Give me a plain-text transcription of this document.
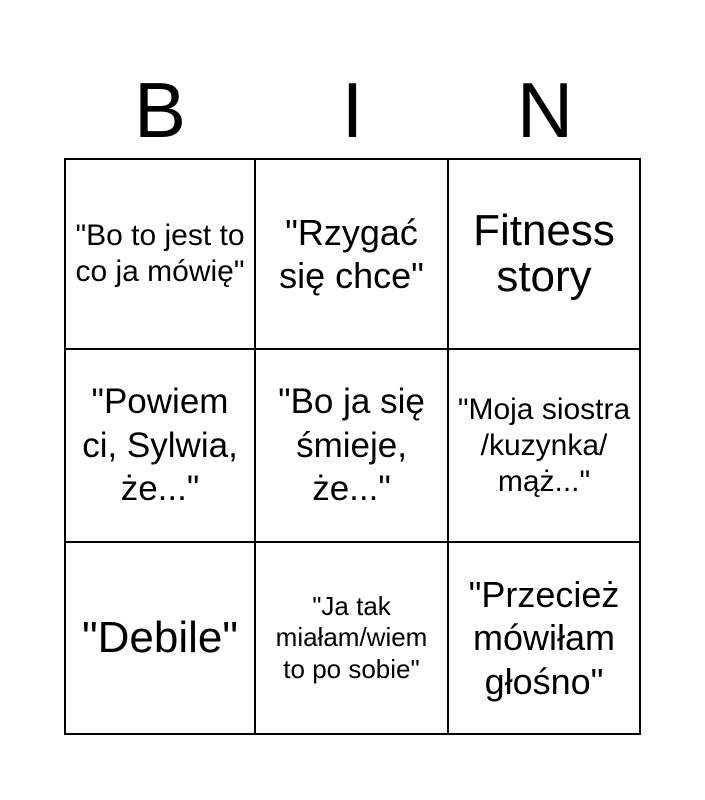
B	I	N
"Bo to jest to co ja mówię"
"Rzygać się chce"
Fitness story
"Powiem ci, Sylwia, że..."
"Bo ja się śmieje, że..."
"Moja siostra /kuzynka/ mąż..."
"Debile"
"Ja tak miałam/wiem to po sobie"
"Przecież mówiłam głośno"
